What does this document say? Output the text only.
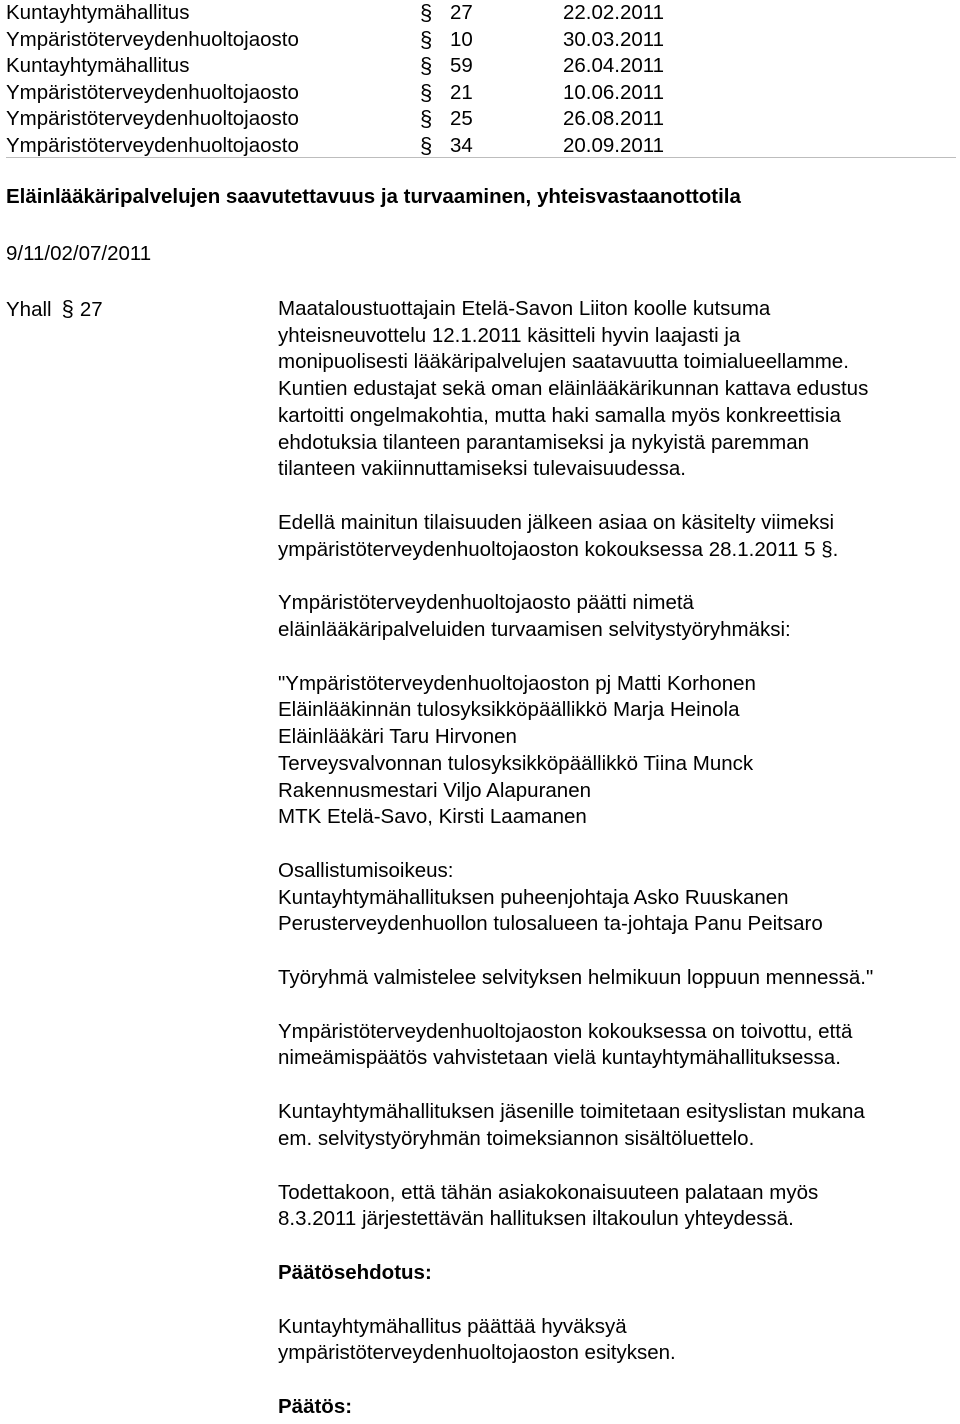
Kuntayhtymähallitus	§ 27	22.02.2011
Ympäristöterveydenhuoltojaosto	§ 10	30.03.2011
Kuntayhtymähallitus	§ 59	26.04.2011
Ympäristöterveydenhuoltojaosto	§ 21	10.06.2011
Ympäristöterveydenhuoltojaosto	§ 25	26.08.2011
Ympäristöterveydenhuoltojaosto	§ 34	20.09.2011
Eläinlääkäripalvelujen saavutettavuus ja turvaaminen, yhteisvastaanottotila
9/11/02/07/2011
Yhall § 27	Maataloustuottajain Etelä-Savon Liiton koolle kutsuma

yhteisneuvottelu 12.1.2011 käsitteli hyvin laajasti ja

monipuolisesti lääkäripalvelujen saatavuutta toimialueellamme.

Kuntien edustajat sekä oman eläinlääkärikunnan kattava edustus

kartoitti ongelmakohtia, mutta haki samalla myös konkreettisia

ehdotuksia tilanteen parantamiseksi ja nykyistä paremman

tilanteen vakiinnuttamiseksi tulevaisuudessa.

Edellä mainitun tilaisuuden jälkeen asiaa on käsitelty viimeksi

ympäristöterveydenhuoltojaoston kokouksessa 28.1.2011 5 §.

Ympäristöterveydenhuoltojaosto päätti nimetä

eläinlääkäripalveluiden turvaamisen selvitystyöryhmäksi:

"Ympäristöterveydenhuoltojaoston pj Matti Korhonen

Eläinlääkinnän tulosyksikköpäällikkö Marja Heinola

Eläinlääkäri Taru Hirvonen

Terveysvalvonnan tulosyksikköpäällikkö Tiina Munck

Rakennusmestari Viljo Alapuranen

MTK Etelä-Savo, Kirsti Laamanen

Osallistumisoikeus:

Kuntayhtymähallituksen puheenjohtaja Asko Ruuskanen

Perusterveydenhuollon tulosalueen ta-johtaja Panu Peitsaro

Työryhmä valmistelee selvityksen helmikuun loppuun mennessä."

Ympäristöterveydenhuoltojaoston kokouksessa on toivottu, että

nimeämispäätös vahvistetaan vielä kuntayhtymähallituksessa.

Kuntayhtymähallituksen jäsenille toimitetaan esityslistan mukana

em. selvitystyöryhmän toimeksiannon sisältöluettelo.

Todettakoon, että tähän asiakokonaisuuteen palataan myös

8.3.2011 järjestettävän hallituksen iltakoulun yhteydessä.

Päätösehdotus:

Kuntayhtymähallitus päättää hyväksyä

ympäristöterveydenhuoltojaoston esityksen.

Päätös:
